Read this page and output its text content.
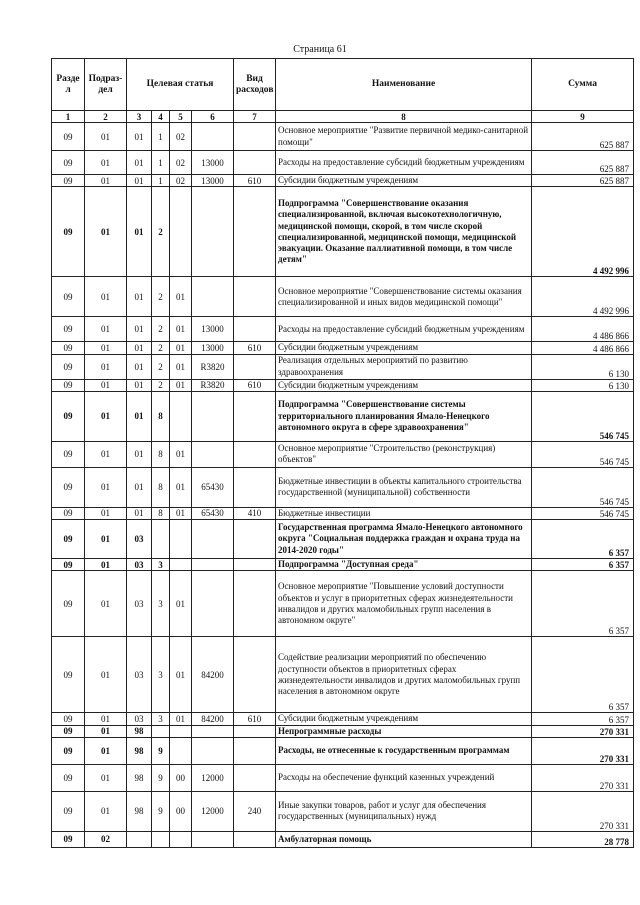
Страница 61
Разде л	Подраз- дел	Целевая статья				Вид расходов	Наименование	Сумма
1	2	3	4	5	6	7	8	9
09	01	01	1	02			Основное мероприятие "Развитие первичной медико-санитарной помощи"	625 887
09	01	01	1	02	13000		Расходы на предоставление субсидий бюджетным учреждениям	625 887
09	01	01	1	02	13000	610	Субсидии бюджетным учреждениям	625 887
09	01	01	2				Подпрограмма "Совершенствование оказания специализированной, включая высокотехнологичную, медицинской помощи, скорой, в том числе скорой специализированной, медицинской помощи, медицинской эвакуации. Оказание паллиативной помощи, в том числе детям"	4 492 996
09	01	01	2	01			Основное мероприятие "Совершенствование системы оказания специализированной и иных видов медицинской помощи"	4 492 996
09	01	01	2	01	13000		Расходы на предоставление субсидий бюджетным учреждениям	4 486 866
09	01	01	2	01	13000	610	Субсидии бюджетным учреждениям	4 486 866
09	01	01	2	01	R3820		Реализация отдельных мероприятий по развитию здравоохранения	6 130
09	01	01	2	01	R3820	610	Субсидии бюджетным учреждениям	6 130
09	01	01	8				Подпрограмма "Совершенствование системы территориального планирования Ямало-Ненецкого автономного округа в сфере здравоохранения"	546 745
09	01	01	8	01			Основное мероприятие "Строительство (реконструкция) объектов"	546 745
09	01	01	8	01	65430		Бюджетные инвестиции в объекты капитального строительства государственной (муниципальной) собственности	546 745
09	01	01	8	01	65430	410	Бюджетные инвестиции	546 745
09	01	03					Государственная программа Ямало-Ненецкого автономного округа "Социальная поддержка граждан и охрана труда на 2014-2020 годы"	6 357
09	01	03	3				Подпрограмма "Доступная среда"	6 357
09	01	03	3	01			Основное мероприятие "Повышение условий доступности объектов и услуг в приоритетных сферах жизнедеятельности инвалидов и других маломобильных групп населения в автономном округе"	6 357
09	01	03	3	01	84200		Содействие реализации мероприятий по обеспечению доступности объектов в приоритетных сферах жизнедеятельности инвалидов и других маломобильных групп населения в автономном округе	6 357
09	01	03	3	01	84200	610	Субсидии бюджетным учреждениям	6 357
09	01	98					Непрограммные расходы	270 331
09	01	98	9				Расходы, не отнесенные к государственным программам	270 331
09	01	98	9	00	12000		Расходы на обеспечение функций казенных учреждений	270 331
09	01	98	9	00	12000	240	Иные закупки товаров, работ и услуг для обеспечения государственных (муниципальных) нужд	270 331
09	02						Амбулаторная помощь	28 778
